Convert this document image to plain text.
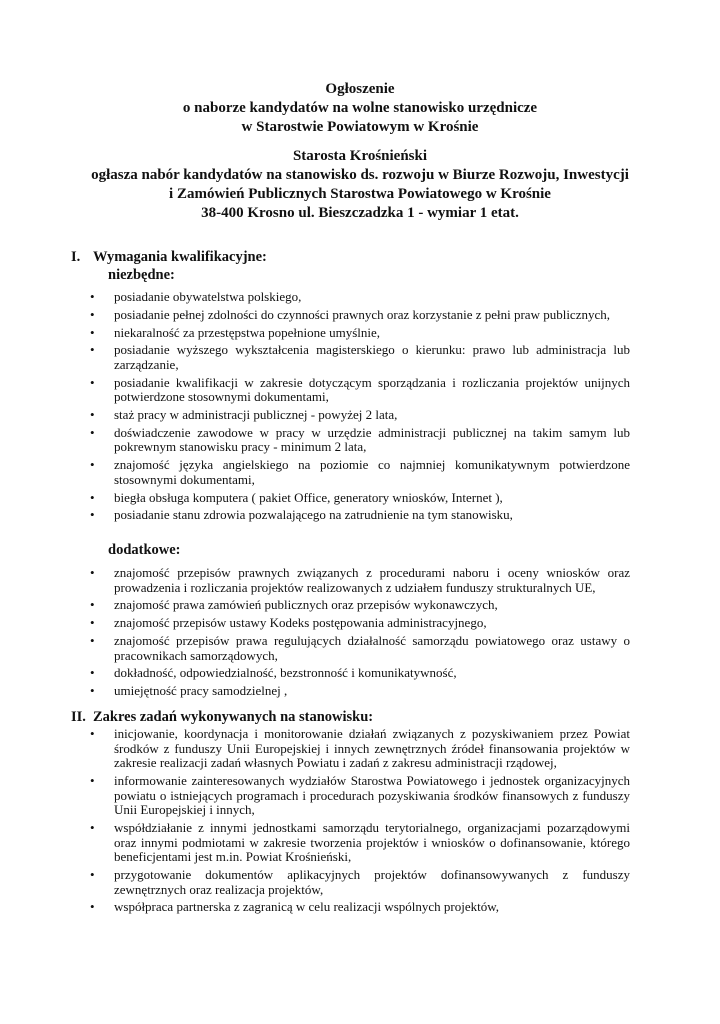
Ogłoszenie
o naborze kandydatów na wolne stanowisko urzędnicze
w Starostwie Powiatowym w Krośnie
Starosta Krośnieński
ogłasza nabór kandydatów na stanowisko ds. rozwoju w Biurze Rozwoju, Inwestycji
i Zamówień Publicznych Starostwa Powiatowego w Krośnie
38-400 Krosno ul. Bieszczadzka 1 - wymiar 1 etat.
I. Wymagania kwalifikacyjne:
niezbędne:
• posiadanie obywatelstwa polskiego,
• posiadanie pełnej zdolności do czynności prawnych oraz korzystanie z pełni praw publicznych,
• niekaralność za przestępstwa popełnione umyślnie,
• posiadanie wyższego wykształcenia magisterskiego o kierunku: prawo lub administracja lub zarządzanie,
• posiadanie kwalifikacji w zakresie dotyczącym sporządzania i rozliczania projektów unijnych potwierdzone stosownymi dokumentami,
• staż pracy w administracji publicznej - powyżej 2 lata,
• doświadczenie zawodowe w pracy w urzędzie administracji publicznej na takim samym lub pokrewnym stanowisku pracy - minimum 2 lata,
• znajomość języka angielskiego na poziomie co najmniej komunikatywnym potwierdzone stosownymi dokumentami,
• biegła obsługa komputera ( pakiet Office, generatory wniosków, Internet ),
• posiadanie stanu zdrowia pozwalającego na zatrudnienie na tym stanowisku,
dodatkowe:
• znajomość przepisów prawnych związanych z procedurami naboru i oceny wniosków oraz prowadzenia i rozliczania projektów realizowanych z udziałem funduszy strukturalnych UE,
• znajomość prawa zamówień publicznych oraz przepisów wykonawczych,
• znajomość przepisów ustawy Kodeks postępowania administracyjnego,
• znajomość przepisów prawa regulujących działalność samorządu powiatowego oraz ustawy o pracownikach samorządowych,
• dokładność, odpowiedzialność, bezstronność i komunikatywność,
• umiejętność pracy samodzielnej ,
II. Zakres zadań wykonywanych na stanowisku:
• inicjowanie, koordynacja i monitorowanie działań związanych z pozyskiwaniem przez Powiat środków z funduszy Unii Europejskiej i innych zewnętrznych źródeł finansowania projektów w zakresie realizacji zadań własnych Powiatu i zadań z zakresu administracji rządowej,
• informowanie zainteresowanych wydziałów Starostwa Powiatowego i jednostek organizacyjnych powiatu o istniejących programach i procedurach pozyskiwania środków finansowych z funduszy Unii Europejskiej i innych,
• współdziałanie z innymi jednostkami samorządu terytorialnego, organizacjami pozarządowymi oraz innymi podmiotami w zakresie tworzenia projektów i wniosków o dofinansowanie, którego beneficjentami jest m.in. Powiat Krośnieński,
• przygotowanie dokumentów aplikacyjnych projektów dofinansowywanych z funduszy zewnętrznych oraz realizacja projektów,
• współpraca partnerska z zagranicą w celu realizacji wspólnych projektów,
